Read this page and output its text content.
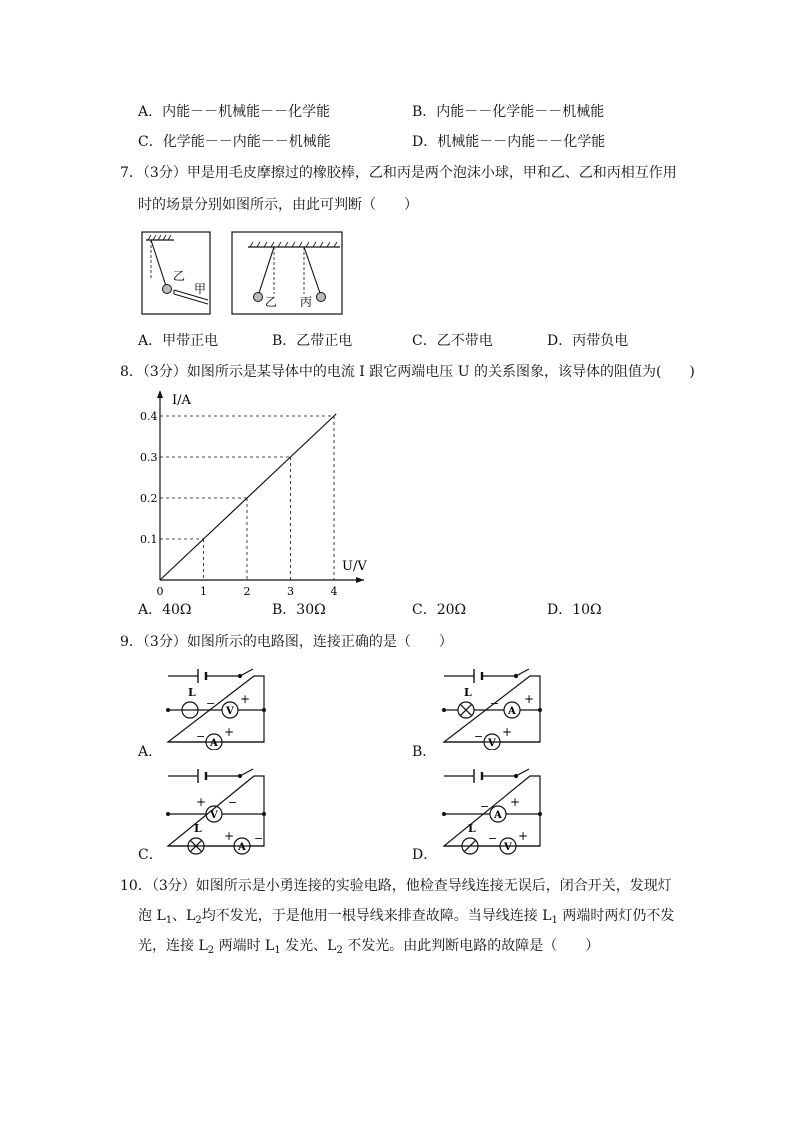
A．内能－－机械能－－化学能	B．内能－－化学能－－机械能
C．化学能－－内能－－机械能	D．机械能－－内能－－化学能
7．（3分）甲是用毛皮摩擦过的橡胶棒，乙和丙是两个泡沫小球，甲和乙、乙和丙相互作用
时的场景分别如图所示，由此可判断（　　）
乙
甲
乙 丙
A．甲带正电	B．乙带正电	C．乙不带电	D．丙带负电
8．（3分）如图所示是某导体中的电流 I 跟它两端电压 U 的关系图象，该导体的阻值为(　　)
I/A
U/V
0	1	2	3	4
0.1
0.2
0.3
0.4
A．40Ω	B．30Ω	C．20Ω	D．10Ω
9．（3分）如图所示的电路图，连接正确的是（　　）
A．
L
V
A
− +
− +
B．
L
A
V
− +
− +
C．
V
L
A
+ −
+ −
D．
A
L
V
− +
− +
10．（3分）如图所示是小勇连接的实验电路，他检查导线连接无误后，闭合开关，发现灯
泡 $L_1$、$L_2$均不发光，于是他用一根导线来排查故障。当导线连接 $L_1$ 两端时两灯仍不发
光，连接 $L_2$ 两端时 $L_1$ 发光、$L_2$ 不发光。由此判断电路的故障是（　　）
